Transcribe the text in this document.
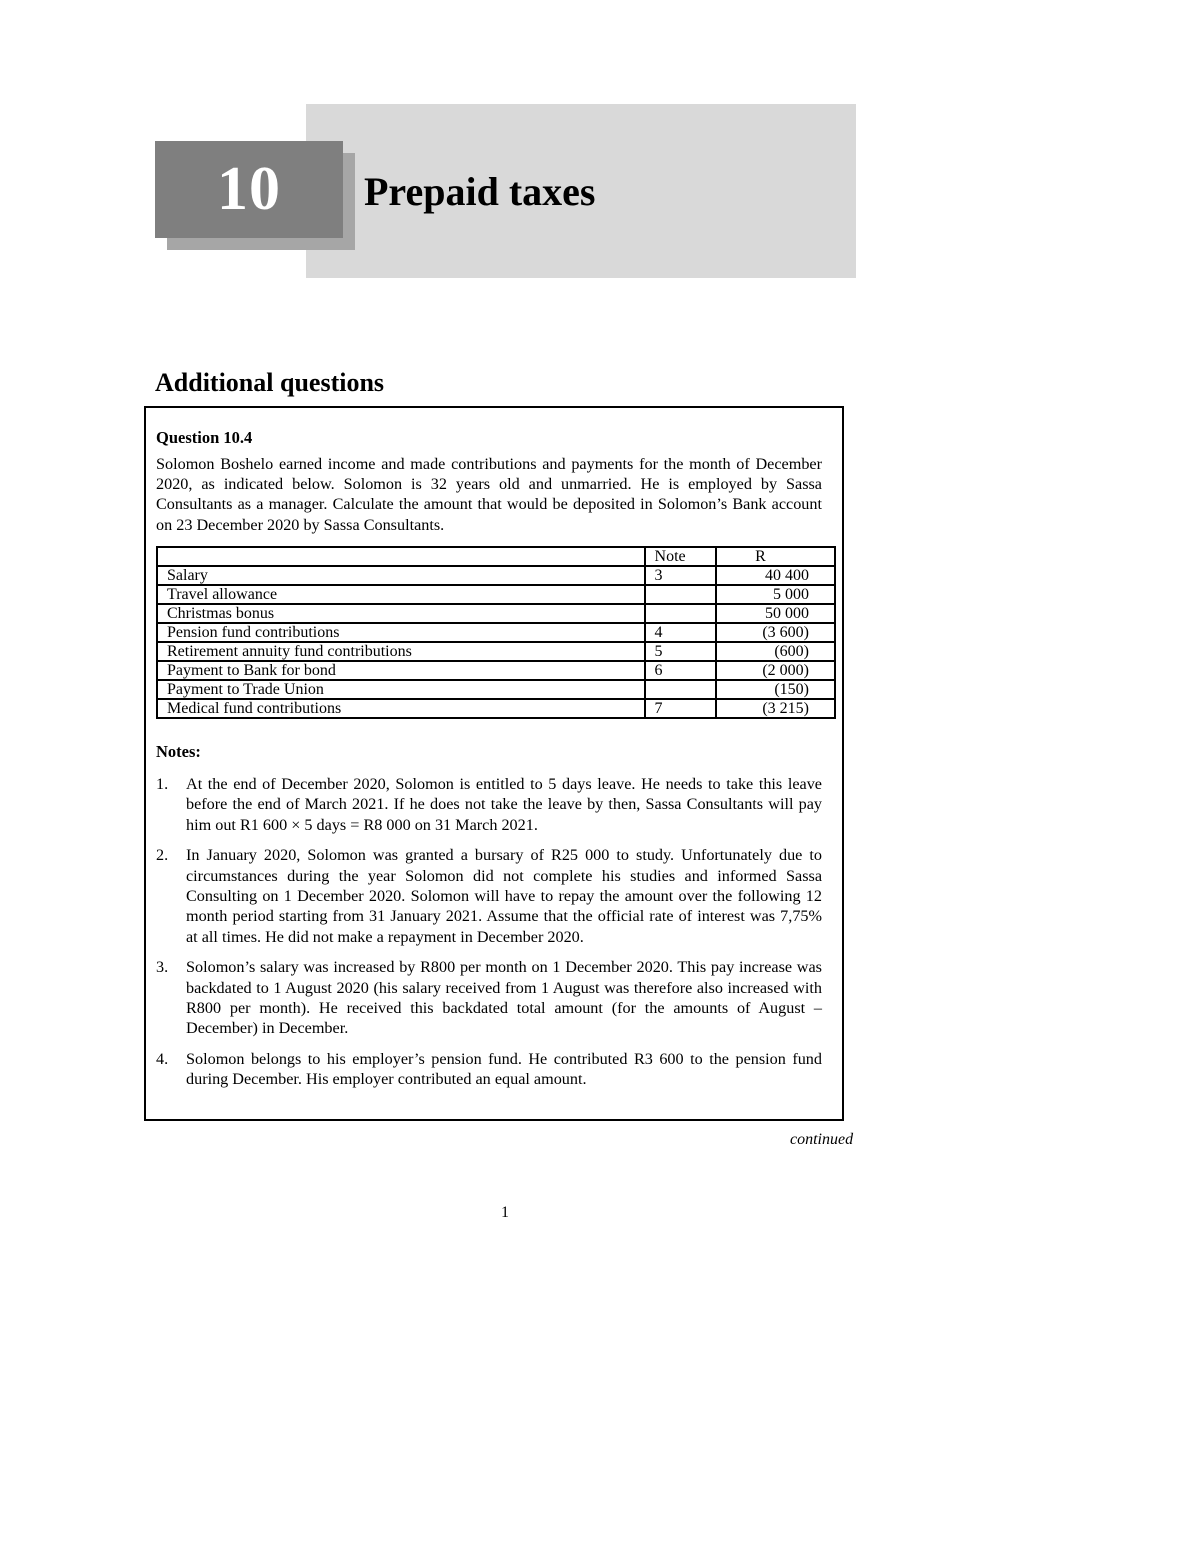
10 Prepaid taxes
Additional questions

Question 10.4

Solomon Boshelo earned income and made contributions and payments for the month of December 2020, as indicated below. Solomon is 32 years old and unmarried. He is employed by Sassa Consultants as a manager. Calculate the amount that would be deposited in Solomon’s Bank account on 23 December 2020 by Sassa Consultants.

	Note	R
Salary	3	40 400
Travel allowance		5 000
Christmas bonus		50 000
Pension fund contributions	4	(3 600)
Retirement annuity fund contributions	5	(600)
Payment to Bank for bond	6	(2 000)
Payment to Trade Union		(150)
Medical fund contributions	7	(3 215)

Notes:

1. At the end of December 2020, Solomon is entitled to 5 days leave. He needs to take this leave before the end of March 2021. If he does not take the leave by then, Sassa Consultants will pay him out R1 600 × 5 days = R8 000 on 31 March 2021.
2. In January 2020, Solomon was granted a bursary of R25 000 to study. Unfortunately due to circumstances during the year Solomon did not complete his studies and informed Sassa Consulting on 1 December 2020. Solomon will have to repay the amount over the following 12 month period starting from 31 January 2021. Assume that the official rate of interest was 7,75% at all times. He did not make a repayment in December 2020.
3. Solomon’s salary was increased by R800 per month on 1 December 2020. This pay increase was backdated to 1 August 2020 (his salary received from 1 August was therefore also increased with R800 per month). He received this backdated total amount (for the amounts of August – December) in December.
4. Solomon belongs to his employer’s pension fund. He contributed R3 600 to the pension fund during December. His employer contributed an equal amount.
continued
1
